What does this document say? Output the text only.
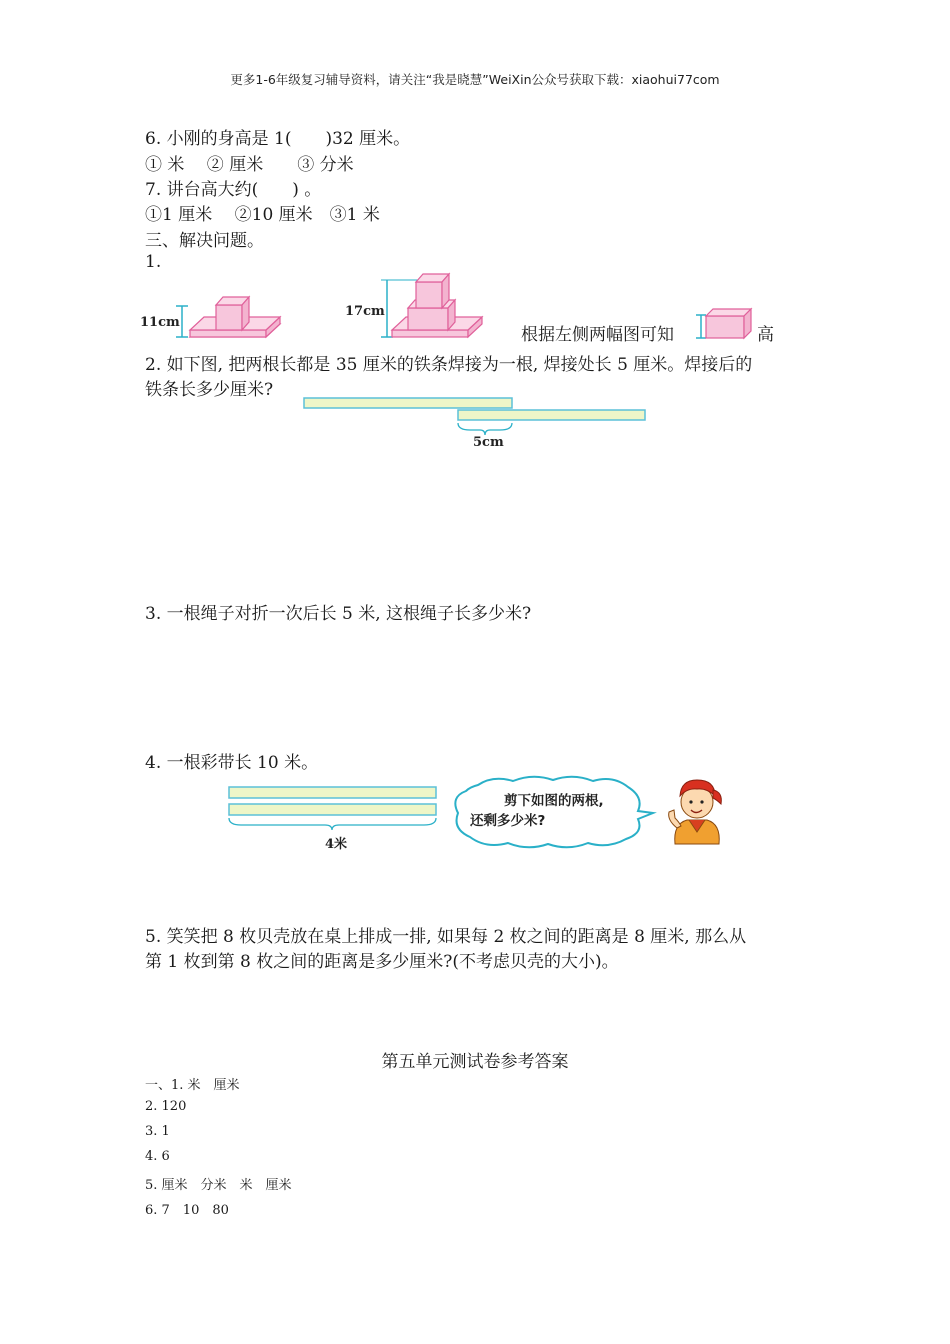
更多1-6年级复习辅导资料，请关注“我是晓慧”WeiXin公众号获取下载：xiaohui77com
6. 小刚的身高是 1(　　)32 厘米。
① 米　 ② 厘米　　③ 分米
7. 讲台高大约(　　) 。
①1 厘米　 ②10 厘米　③1 米
三、解决问题。
1.
11cm
17cm
根据左侧两幅图可知	高
2. 如下图, 把两根长都是 35 厘米的铁条焊接为一根, 焊接处长 5 厘米。焊接后的
铁条长多少厘米?
5cm
3. 一根绳子对折一次后长 5 米, 这根绳子长多少米?
4. 一根彩带长 10 米。
4米
剪下如图的两根,
还剩多少米?
5. 笑笑把 8 枚贝壳放在桌上排成一排, 如果每 2 枚之间的距离是 8 厘米, 那么从
第 1 枚到第 8 枚之间的距离是多少厘米?(不考虑贝壳的大小)。
第五单元测试卷参考答案
一、1. 米　厘米
2. 120
3. 1
4. 6
5. 厘米　分米　米　厘米
6. 7　10　80
